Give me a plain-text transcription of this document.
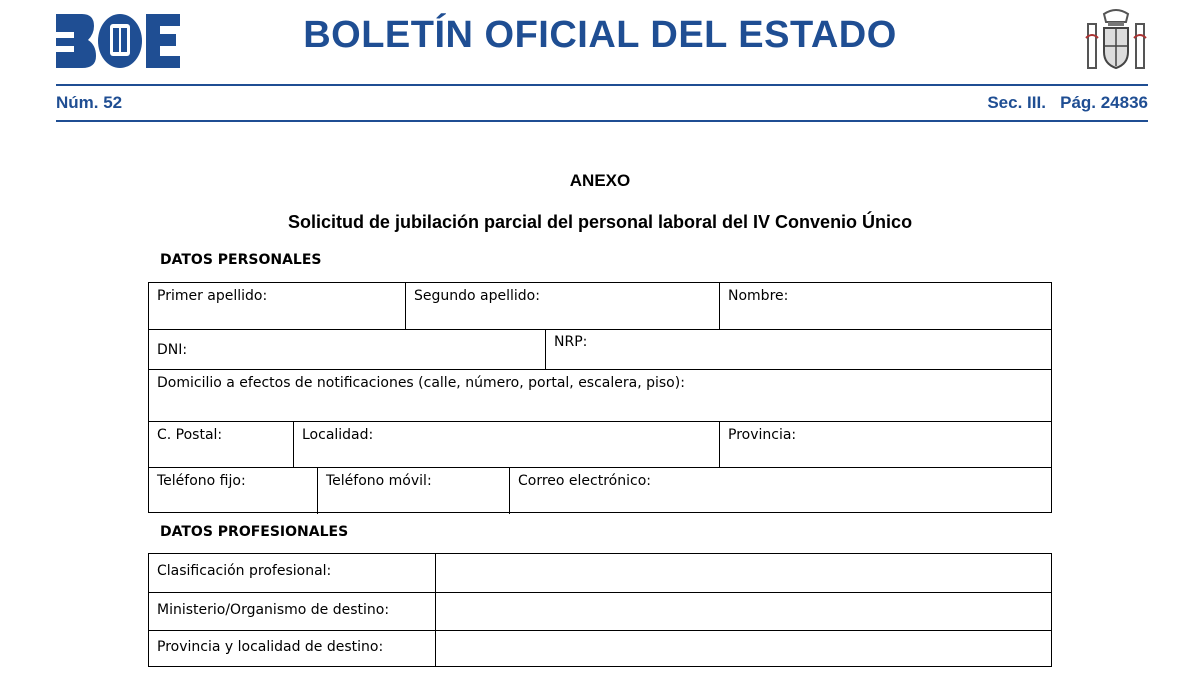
BOE
BOLETÍN OFICIAL DEL ESTADO
Núm. 52	Sec. III.   Pág. 24836
ANEXO
Solicitud de jubilación parcial del personal laboral del IV Convenio Único
DATOS PERSONALES
Primer apellido:	Segundo apellido:	Nombre:
DNI:	NRP:
Domicilio a efectos de notificaciones (calle, número, portal, escalera, piso):
C. Postal:	Localidad:	Provincia:
Teléfono fijo:	Teléfono móvil:	Correo electrónico:
DATOS PROFESIONALES
Clasificación profesional:
Ministerio/Organismo de destino:
Provincia y localidad de destino:
